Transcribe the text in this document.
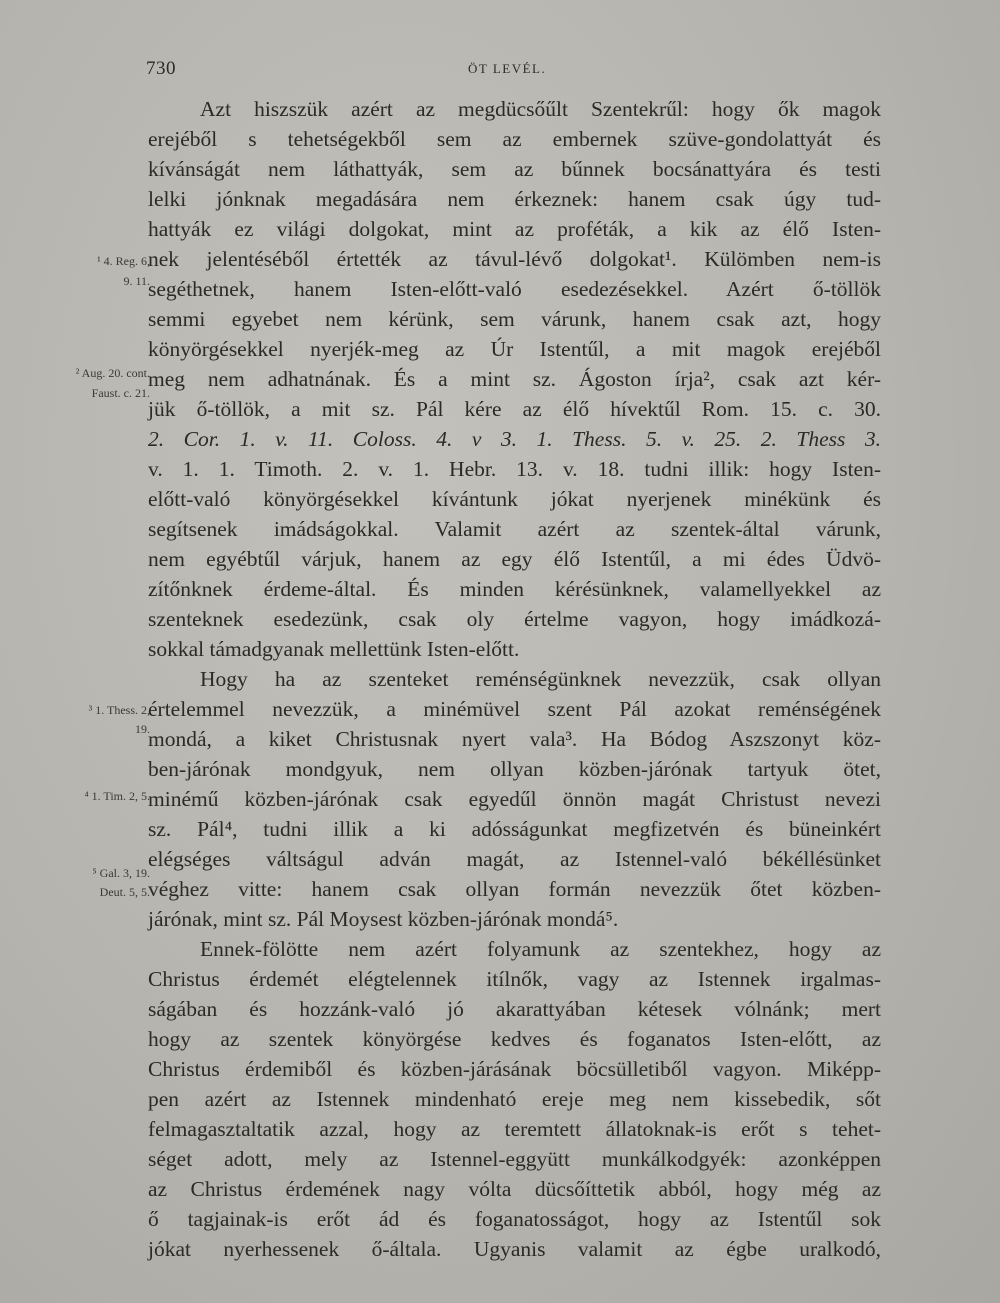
730	ÖT LEVÉL.
Azt hiszszük azért az megdücsőűlt Szentekrűl: hogy ők magok
erejéből s tehetségekből sem az embernek szüve-gondolattyát és
kívánságát nem láthattyák, sem az bűnnek bocsánattyára és testi
lelki jónknak megadására nem érkeznek: hanem csak úgy tud-
hattyák ez világi dolgokat, mint az proféták, a kik az élő Isten-
nek jelentéséből értették az távul-lévő dolgokat¹. Külömben nem-is
segéthetnek, hanem Isten-előtt-való esedezésekkel. Azért ő-töllök
semmi egyebet nem kérünk, sem várunk, hanem csak azt, hogy
könyörgésekkel nyerjék-meg az Úr Istentűl, a mit magok erejéből
meg nem adhatnának. És a mint sz. Ágoston írja², csak azt kér-
jük ő-töllök, a mit sz. Pál kére az élő hívektűl Rom. 15. c. 30.
2. Cor. 1. v. 11. Coloss. 4. v 3. 1. Thess. 5. v. 25. 2. Thess 3.
v. 1. 1. Timoth. 2. v. 1. Hebr. 13. v. 18. tudni illik: hogy Isten-
előtt-való könyörgésekkel kívántunk jókat nyerjenek minékünk és
segítsenek imádságokkal. Valamit azért az szentek-által várunk,
nem egyébtűl várjuk, hanem az egy élő Istentűl, a mi édes Üdvö-
zítőnknek érdeme-által. És minden kérésünknek, valamellyekkel az
szenteknek esedezünk, csak oly értelme vagyon, hogy imádkozá-
sokkal támadgyanak mellettünk Isten-előtt.
Hogy ha az szenteket reménségünknek nevezzük, csak ollyan
értelemmel nevezzük, a minémüvel szent Pál azokat reménségének
mondá, a kiket Christusnak nyert vala³. Ha Bódog Aszszonyt köz-
ben-járónak mondgyuk, nem ollyan közben-járónak tartyuk ötet,
minémű közben-járónak csak egyedűl önnön magát Christust nevezi
sz. Pál⁴, tudni illik a ki adósságunkat megfizetvén és büneinkért
elégséges váltságul adván magát, az Istennel-való békéllésünket
véghez vitte: hanem csak ollyan formán nevezzük őtet közben-
járónak, mint sz. Pál Moysest közben-járónak mondá⁵.
Ennek-fölötte nem azért folyamunk az szentekhez, hogy az
Christus érdemét elégtelennek itílnők, vagy az Istennek irgalmas-
ságában és hozzánk-való jó akarattyában kétesek vólnánk; mert
hogy az szentek könyörgése kedves és foganatos Isten-előtt, az
Christus érdemiből és közben-járásának böcsülletiből vagyon. Miképp-
pen azért az Istennek mindenható ereje meg nem kissebedik, sőt
felmagasztaltatik azzal, hogy az teremtett állatoknak-is erőt s tehet-
séget adott, mely az Istennel-eggyütt munkálkodgyék: azonképpen
az Christus érdemének nagy vólta dücsőíttetik abból, hogy még az
ő tagjainak-is erőt ád és foganatosságot, hogy az Istentűl sok
jókat nyerhessenek ő-általa. Ugyanis valamit az égbe uralkodó,
¹ 4. Reg. 6,
9. 11.
² Aug. 20. cont.
Faust. c. 21.
³ 1. Thess. 2,
19.
⁴ 1. Tim. 2, 5.
⁵ Gal. 3, 19.
Deut. 5, 5.
